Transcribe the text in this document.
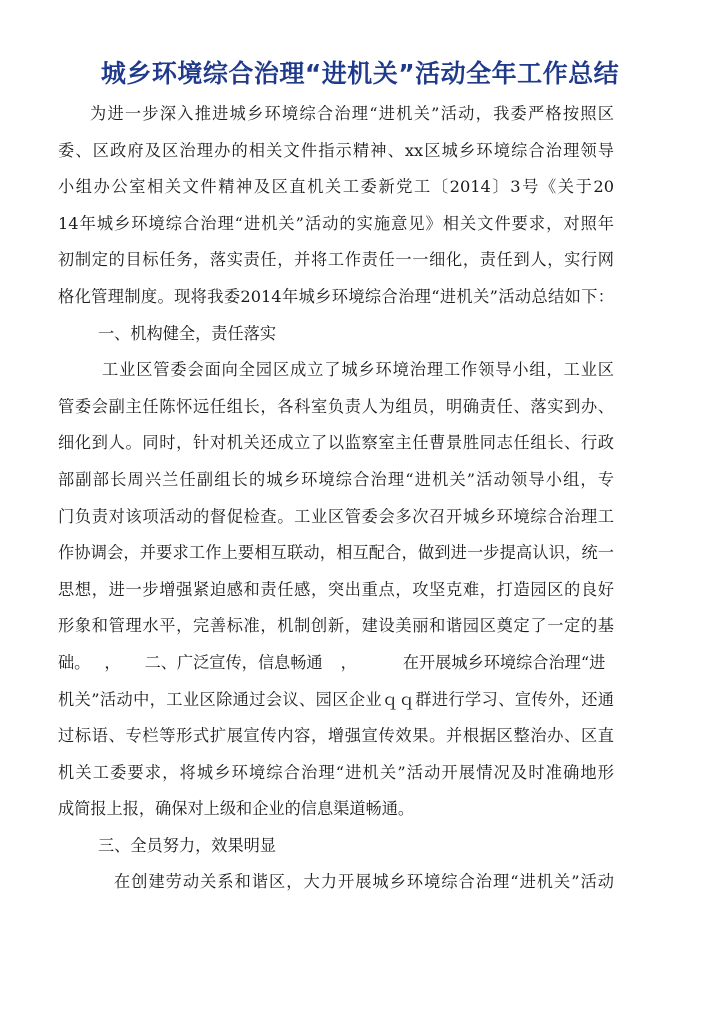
城乡环境综合治理“进机关”活动全年工作总结
为进一步深入推进城乡环境综合治理“进机关”活动，我委严格按照区
委、区政府及区治理办的相关文件指示精神、xx区城乡环境综合治理领导
小组办公室相关文件精神及区直机关工委新党工〔2014〕3号《关于20
14年城乡环境综合治理“进机关”活动的实施意见》相关文件要求，对照年
初制定的目标任务，落实责任，并将工作责任一一细化，责任到人，实行网
格化管理制度。现将我委2014年城乡环境综合治理“进机关”活动总结如下：
一、机构健全，责任落实
工业区管委会面向全园区成立了城乡环境治理工作领导小组，工业区
管委会副主任陈怀远任组长，各科室负责人为组员，明确责任、落实到办、
细化到人。同时，针对机关还成立了以监察室主任曹景胜同志任组长、行政
部副部长周兴兰任副组长的城乡环境综合治理“进机关”活动领导小组，专
门负责对该项活动的督促检查。工业区管委会多次召开城乡环境综合治理工
作协调会，并要求工作上要相互联动，相互配合，做到进一步提高认识，统一
思想，进一步增强紧迫感和责任感，突出重点，攻坚克难，打造园区的良好
形象和管理水平，完善标准，机制创新，建设美丽和谐园区奠定了一定的基
础。 ， 二、广泛宣传，信息畅通 ，	在开展城乡环境综合治理“进
机关”活动中，工业区除通过会议、园区企业ｑｑ群进行学习、宣传外，还通
过标语、专栏等形式扩展宣传内容，增强宣传效果。并根据区整治办、区直
机关工委要求，将城乡环境综合治理“进机关”活动开展情况及时准确地形
成简报上报，确保对上级和企业的信息渠道畅通。
三、全员努力，效果明显
在创建劳动关系和谐区，大力开展城乡环境综合治理“进机关”活动
